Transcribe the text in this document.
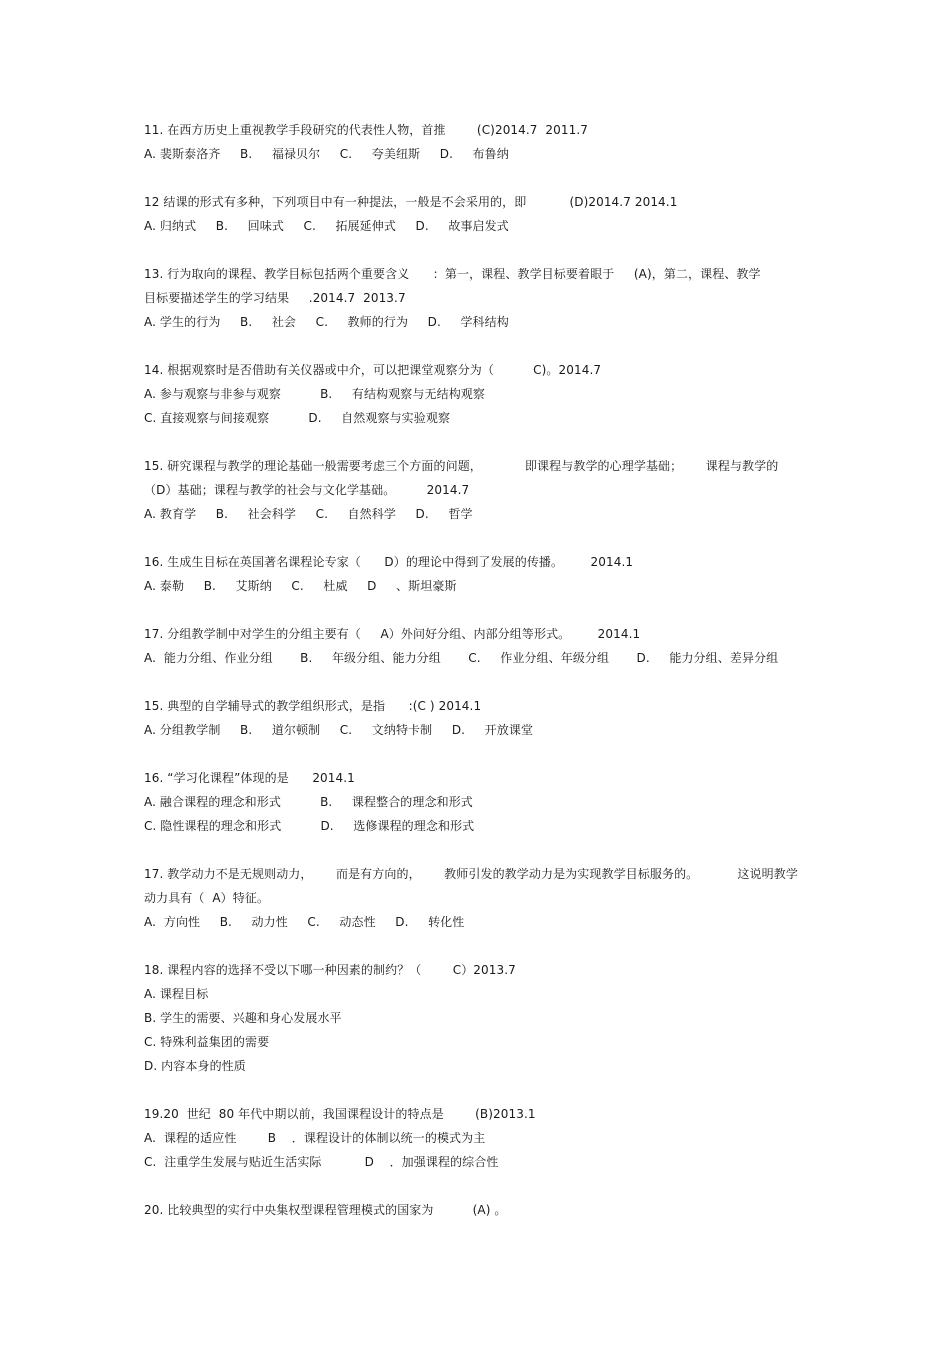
11. 在西方历史上重视教学手段研究的代表性人物，首推        (C)2014.7  2011.7
A. 裴斯泰洛齐     B.     福禄贝尔     C.     夸美纽斯     D.     布鲁纳
12 结课的形式有多种，下列项目中有一种提法，一般是不会采用的，即           (D)2014.7 2014.1
A. 归纳式     B.     回味式     C.     拓展延伸式     D.     故事启发式
13. 行为取向的课程、教学目标包括两个重要含义      ：第一，课程、教学目标要着眼于     (A)，第二，课程、教学
目标要描述学生的学习结果     .2014.7  2013.7
A. 学生的行为     B.     社会     C.     教师的行为     D.     学科结构
14. 根据观察时是否借助有关仪器或中介，可以把课堂观察分为（          C)。2014.7
A. 参与观察与非参与观察          B.     有结构观察与无结构观察
C. 直接观察与间接观察          D.     自然观察与实验观察
15. 研究课程与教学的理论基础一般需要考虑三个方面的问题，           即课程与教学的心理学基础；      课程与教学的
（D）基础；课程与教学的社会与文化学基础。        2014.7
A. 教育学     B.     社会科学     C.     自然科学     D.     哲学
16. 生成生目标在英国著名课程论专家（      D）的理论中得到了发展的传播。       2014.1
A. 泰勒     B.     艾斯纳     C.     杜威     D     、斯坦豪斯
17. 分组教学制中对学生的分组主要有（     A）外问好分组、内部分组等形式。       2014.1
A.  能力分组、作业分组       B.     年级分组、能力分组       C.     作业分组、年级分组       D.     能力分组、差异分组
15. 典型的自学辅导式的教学组织形式，是指      :(C ) 2014.1
A. 分组教学制     B.     道尔顿制     C.     文纳特卡制     D.     开放课堂
16. “学习化课程”体现的是      2014.1
A. 融合课程的理念和形式          B.     课程整合的理念和形式
C. 隐性课程的理念和形式          D.     选修课程的理念和形式
17. 教学动力不是无规则动力，      而是有方向的，      教师引发的教学动力是为实现教学目标服务的。          这说明教学
动力具有（  A）特征。
A.  方向性     B.     动力性     C.     动态性     D.     转化性
18. 课程内容的选择不受以下哪一种因素的制约？（        C）2013.7
A. 课程目标
B. 学生的需要、兴趣和身心发展水平
C. 特殊利益集团的需要
D. 内容本身的性质
19.20  世纪  80 年代中期以前，我国课程设计的特点是        (B)2013.1
A.  课程的适应性        B    ．课程设计的体制以统一的模式为主
C.  注重学生发展与贴近生活实际           D    ．加强课程的综合性
20. 比较典型的实行中央集权型课程管理模式的国家为          (A) 。
